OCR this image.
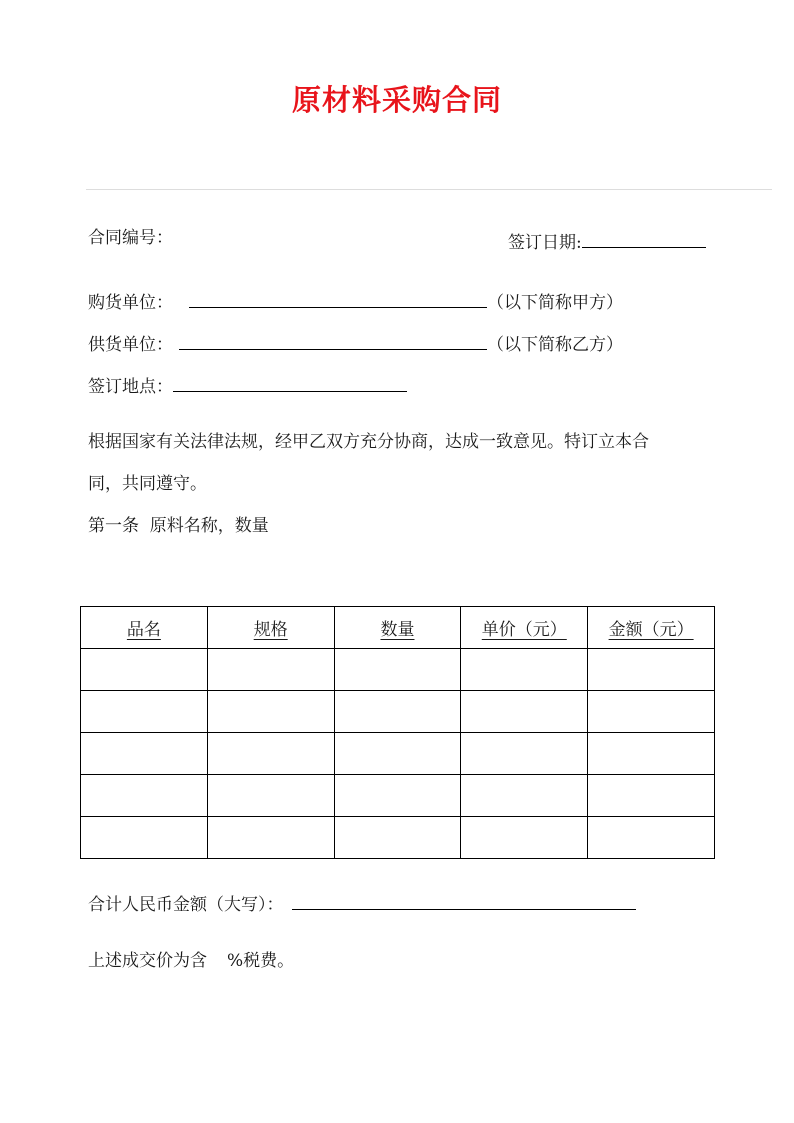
原材料采购合同
合同编号：	签订日期:
购货单位：	（以下简称甲方）
供货单位：	（以下简称乙方）
签订地点：
根据国家有关法律法规，经甲乙双方充分协商，达成一致意见。特订立本合
同，共同遵守。
第一条  原料名称，数量
品名	规格	数量	单价（元）	金额（元）

合计人民币金额（大写）：
上述成交价为含 %税费。
